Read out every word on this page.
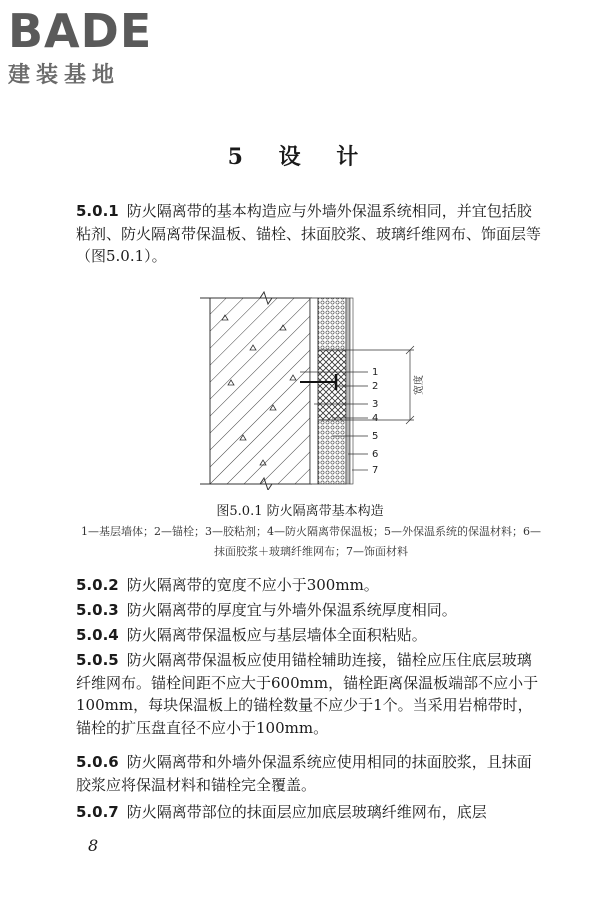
BADE
建装基地
5 设 计
5.0.1 防火隔离带的基本构造应与外墙外保温系统相同，并宜包括胶粘剂、防火隔离带保温板、锚栓、抹面胶浆、玻璃纤维网布、饰面层等（图5.0.1）。
1
2
3
4
5
6
7
宽度
图5.0.1 防火隔离带基本构造
1—基层墙体；2—锚栓；3—胶粘剂；4—防火隔离带保温板；5—外保温系统的保温材料；6—抹面胶浆＋玻璃纤维网布；7—饰面材料
5.0.2 防火隔离带的宽度不应小于300mm。
5.0.3 防火隔离带的厚度宜与外墙外保温系统厚度相同。
5.0.4 防火隔离带保温板应与基层墙体全面积粘贴。
5.0.5 防火隔离带保温板应使用锚栓辅助连接，锚栓应压住底层玻璃纤维网布。锚栓间距不应大于600mm，锚栓距离保温板端部不应小于100mm，每块保温板上的锚栓数量不应少于1个。当采用岩棉带时，锚栓的扩压盘直径不应小于100mm。
5.0.6 防火隔离带和外墙外保温系统应使用相同的抹面胶浆，且抹面胶浆应将保温材料和锚栓完全覆盖。
5.0.7 防火隔离带部位的抹面层应加底层玻璃纤维网布，底层
8
